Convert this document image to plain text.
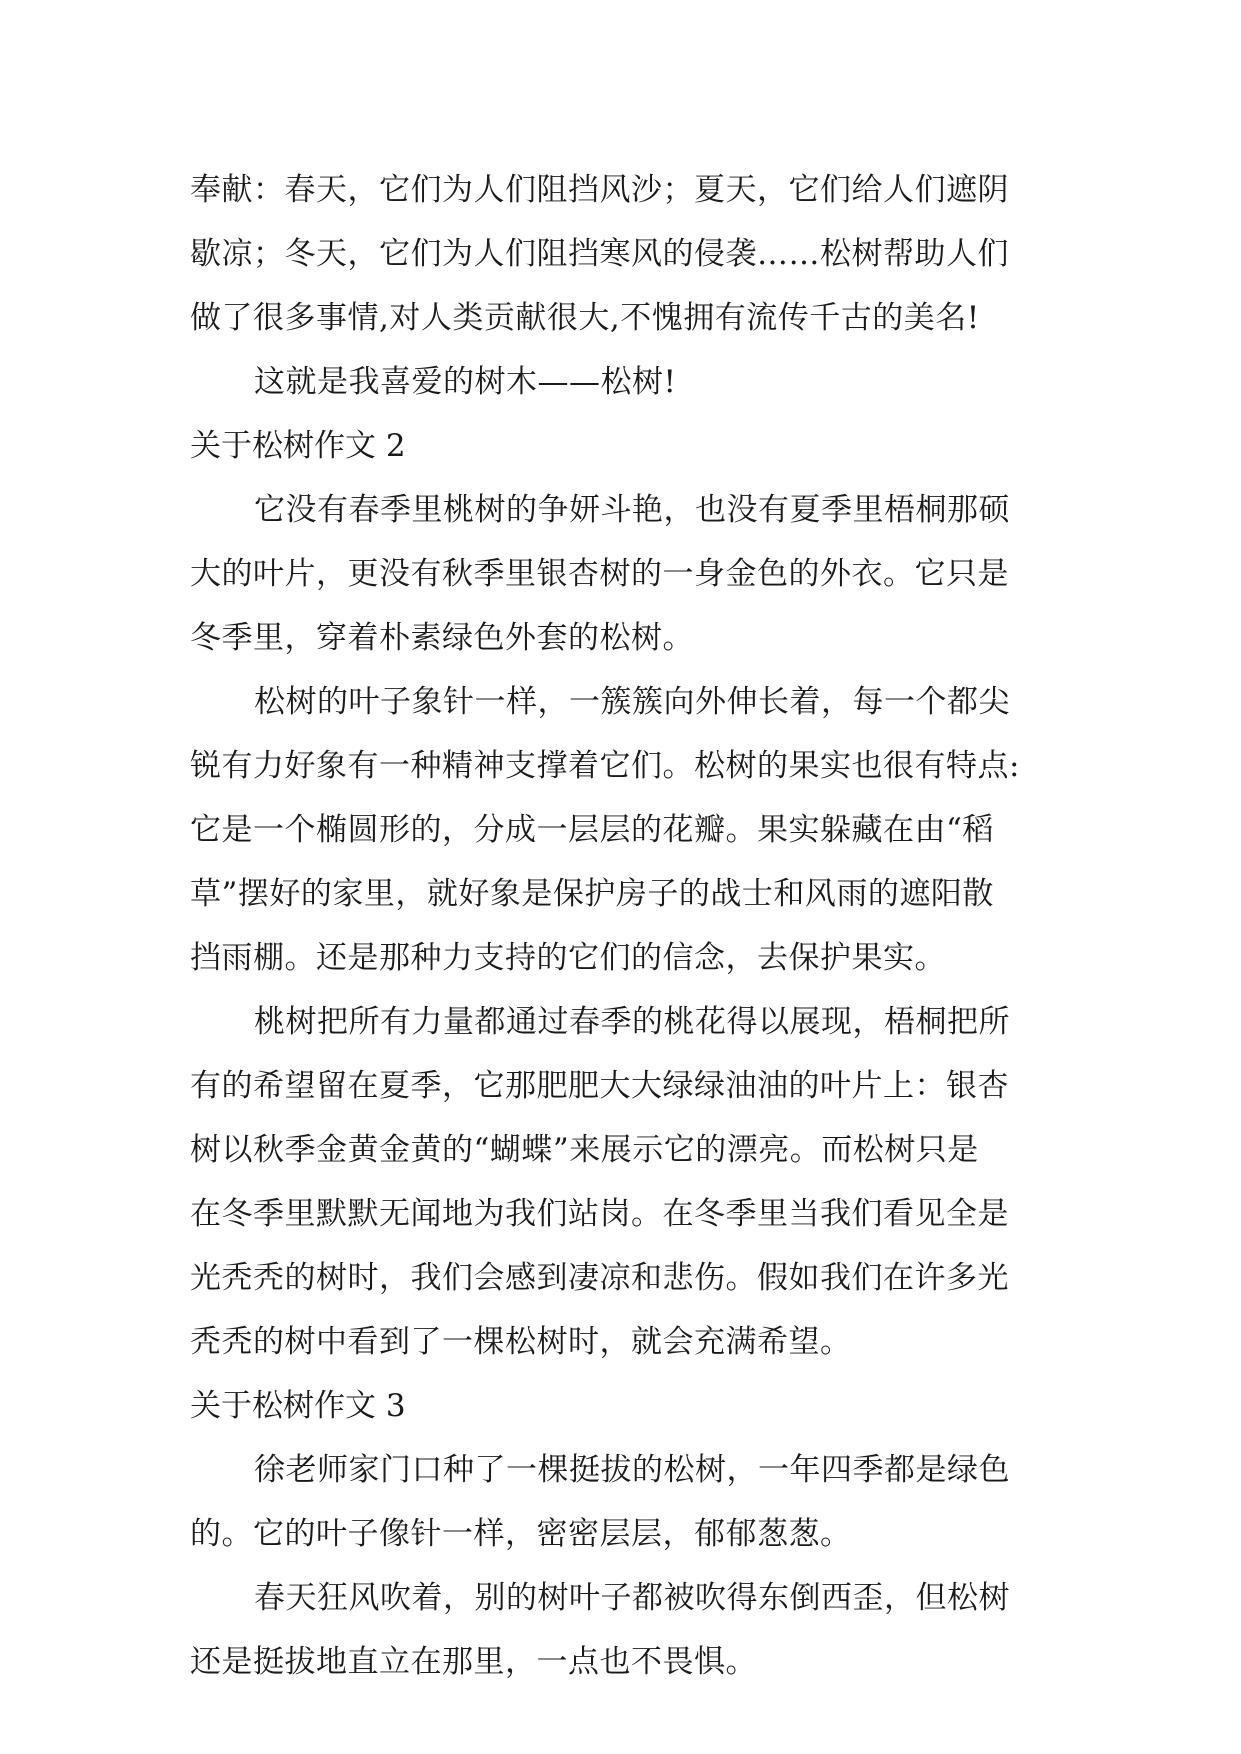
奉献：春天，它们为人们阻挡风沙；夏天，它们给人们遮阴
歇凉；冬天，它们为人们阻挡寒风的侵袭……松树帮助人们
做了很多事情,对人类贡献很大,不愧拥有流传千古的美名!
这就是我喜爱的树木——松树!
关于松树作文 2
它没有春季里桃树的争妍斗艳，也没有夏季里梧桐那硕
大的叶片，更没有秋季里银杏树的一身金色的外衣。它只是
冬季里，穿着朴素绿色外套的松树。
松树的叶子象针一样，一簇簇向外伸长着，每一个都尖
锐有力好象有一种精神支撑着它们。松树的果实也很有特点:
它是一个椭圆形的，分成一层层的花瓣。果实躲藏在由“稻
草”摆好的家里，就好象是保护房子的战士和风雨的遮阳散
挡雨棚。还是那种力支持的它们的信念，去保护果实。
桃树把所有力量都通过春季的桃花得以展现，梧桐把所
有的希望留在夏季，它那肥肥大大绿绿油油的叶片上：银杏
树以秋季金黄金黄的“蝴蝶”来展示它的漂亮。而松树只是
在冬季里默默无闻地为我们站岗。在冬季里当我们看见全是
光秃秃的树时，我们会感到凄凉和悲伤。假如我们在许多光
秃秃的树中看到了一棵松树时，就会充满希望。
关于松树作文 3
徐老师家门口种了一棵挺拔的松树，一年四季都是绿色
的。它的叶子像针一样，密密层层，郁郁葱葱。
春天狂风吹着，别的树叶子都被吹得东倒西歪，但松树
还是挺拔地直立在那里，一点也不畏惧。
